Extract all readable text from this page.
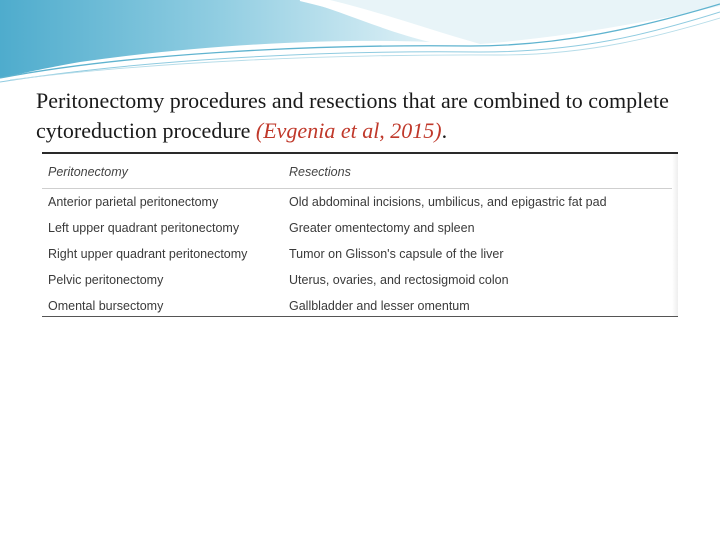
Peritonectomy procedures and resections that are combined to complete cytoreduction procedure (Evgenia et al, 2015).
Peritonectomy	Resections
Anterior parietal peritonectomy	Old abdominal incisions, umbilicus, and epigastric fat pad
Left upper quadrant peritonectomy	Greater omentectomy and spleen
Right upper quadrant peritonectomy	Tumor on Glisson's capsule of the liver
Pelvic peritonectomy	Uterus, ovaries, and rectosigmoid colon
Omental bursectomy	Gallbladder and lesser omentum
